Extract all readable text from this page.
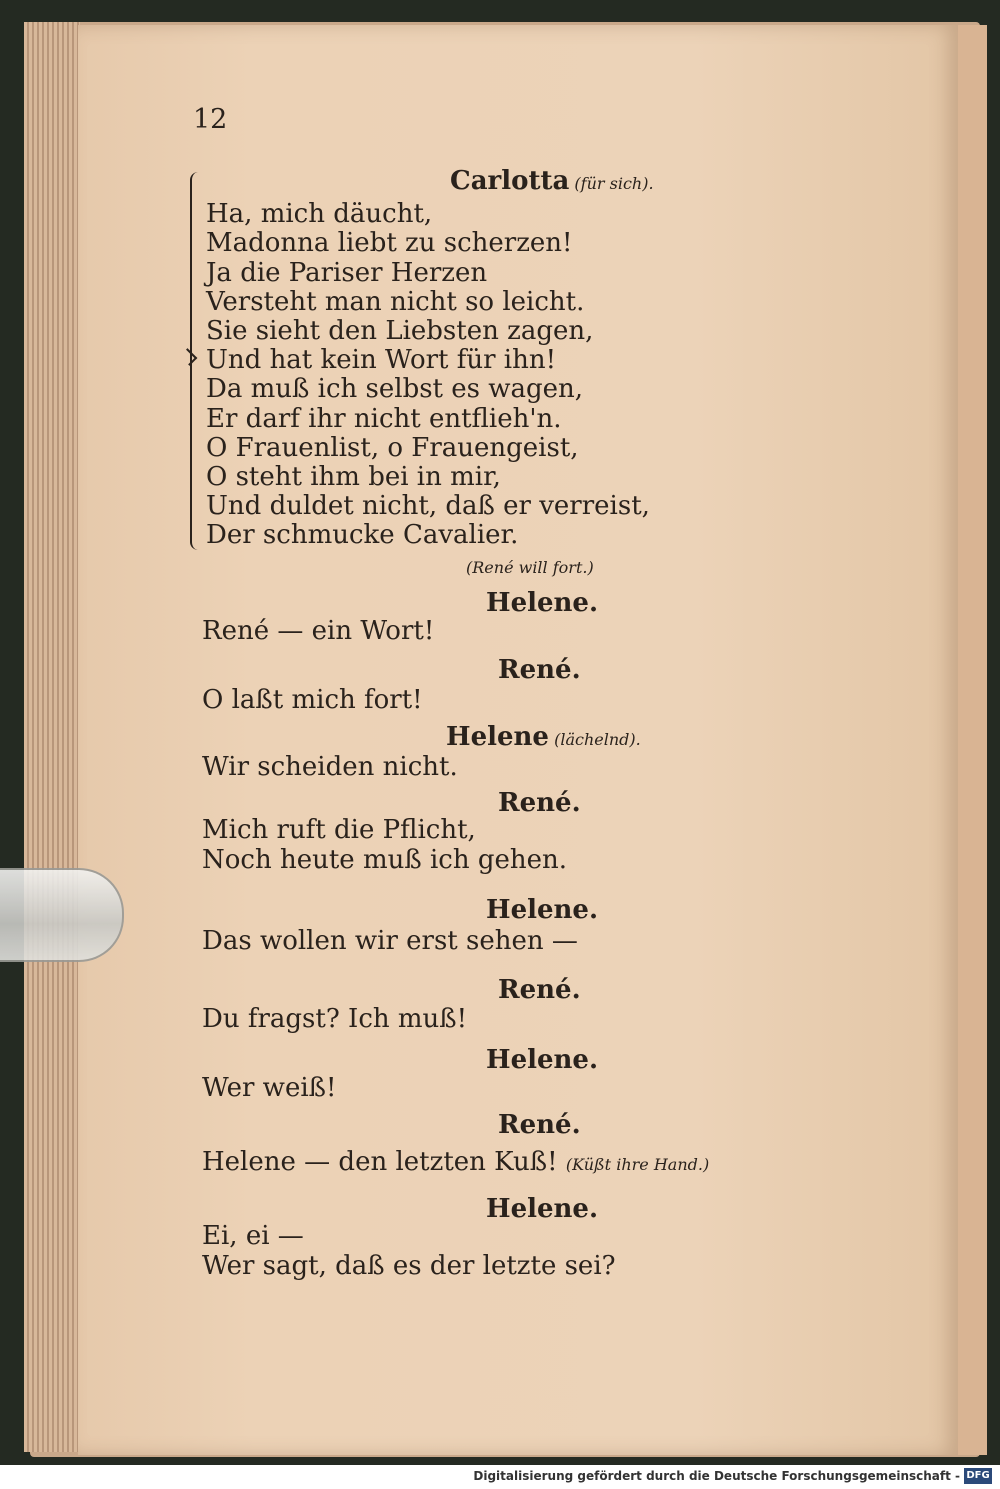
12
Carlotta (für sich).
Ha, mich däucht,
Madonna liebt zu scherzen!
Ja die Pariser Herzen
Versteht man nicht so leicht.
Sie sieht den Liebsten zagen,
Und hat kein Wort für ihn!
Da muß ich selbst es wagen,
Er darf ihr nicht entflieh'n.
O Frauenlist, o Frauengeist,
O steht ihm bei in mir,
Und duldet nicht, daß er verreist,
Der schmucke Cavalier.
(René will fort.)
Helene.
René — ein Wort!
René.
O laßt mich fort!
Helene (lächelnd).
Wir scheiden nicht.
René.
Mich ruft die Pflicht,
Noch heute muß ich gehen.
Helene.
Das wollen wir erst sehen —
René.
Du fragst? Ich muß!
Helene.
Wer weiß!
René.
Helene — den letzten Kuß! (Küßt ihre Hand.)
Helene.
Ei, ei —
Wer sagt, daß es der letzte sei?
Digitalisierung gefördert durch die Deutsche Forschungsgemeinschaft - DFG
